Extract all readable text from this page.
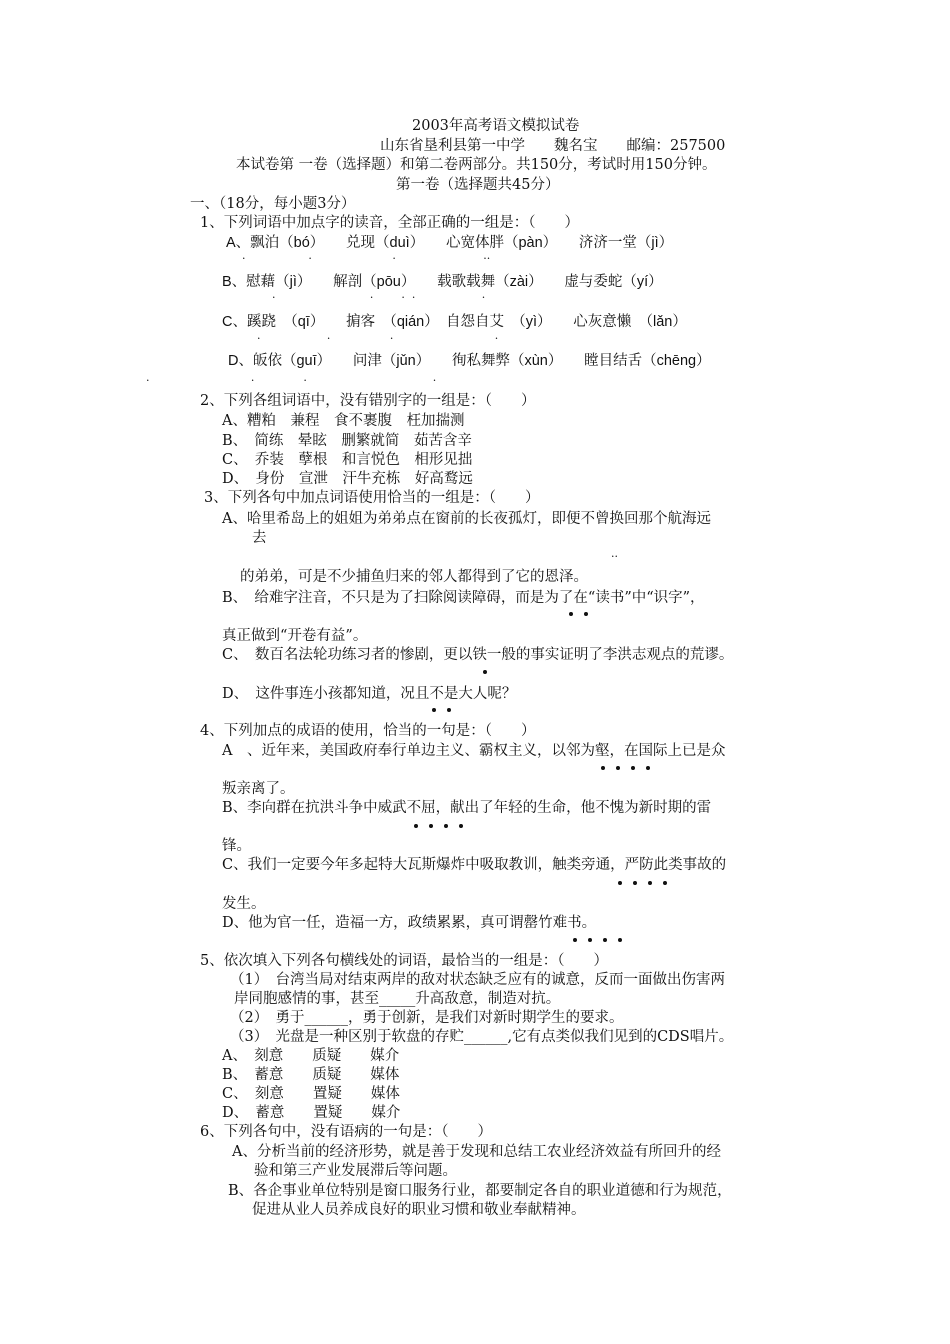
2003年高考语文模拟试卷
山东省垦利县第一中学　　魏名宝　　邮编：257500
本试卷第 一卷（选择题）和第二卷两部分。共150分，考试时用150分钟。
第一卷（选择题共45分）
一、（18分，每小题3分）
1、下列词语中加点字的读音，全部正确的一组是：（　　）
A、飘泊（bó）　　兑现（duì）　　心宽体胖（pàn）　　济济一堂（jì）
·                  ·                       ·                         ··
B、慰藉（jì）　　解剖（pōu）　　载歌载舞（zài）　　虚与委蛇（yí）
·                           ·        ·  ·                   ·
C、蹊跷　（qī）　　掮客　（qián）　自怨自艾　（yì）　　心灰意懒　（lǎn）
·                   ·                 ·                             ·
D、皈依（guī）　　问津（jǔn）　　徇私舞弊（xùn）　　瞠目结舌（chēng）
.                             .              .                                    .
2、下列各组词语中，没有错别字的一组是：（　　）
A、糟粕　兼程　食不裹腹　枉加揣测
B、　简练　晕眩　删繁就简　茹苦含辛
C、　乔装　孽根　和言悦色　相形见拙
D、　身份　宣泄　汗牛充栋　好高鹜远
3、下列各句中加点词语使用恰当的一组是：（　　）
A、哈里希岛上的姐姐为弟弟点在窗前的长夜孤灯，即便不曾换回那个航海远
去
··
的弟弟，可是不少捕鱼归来的邻人都得到了它的恩泽。
B、　给难字注音，不只是为了扫除阅读障碍，而是为了在“读书”中“识字”，
真正做到“开卷有益”。
C、　数百名法轮功练习者的惨剧，更以铁一般的事实证明了李洪志观点的荒谬。
D、　这件事连小孩都知道，况且不是大人呢？
4、下列加点的成语的使用，恰当的一句是：（　　）
A　、近年来，美国政府奉行单边主义、霸权主义，以邻为壑，在国际上已是众
叛亲离了。
B、李向群在抗洪斗争中威武不屈，献出了年轻的生命，他不愧为新时期的雷
锋。
C、我们一定要今年多起特大瓦斯爆炸中吸取教训，触类旁通，严防此类事故的
发生。
D、他为官一任，造福一方，政绩累累，真可谓罄竹难书。
5、依次填入下列各句横线处的词语，最恰当的一组是：（　　）
（1）　台湾当局对结束两岸的敌对状态缺乏应有的诚意，反而一面做出伤害两
岸同胞感情的事，甚至_____升高敌意，制造对抗。
（2）　勇于______，勇于创新，是我们对新时期学生的要求。
（3）　光盘是一种区别于软盘的存贮______,它有点类似我们见到的CDS唱片。
A、　刻意　　质疑　　媒介
B、　蓄意　　质疑　　媒体
C、　刻意　　置疑　　媒体
D、　蓄意　　置疑　　媒介
6、下列各句中，没有语病的一句是：（　　）
A、分析当前的经济形势，就是善于发现和总结工农业经济效益有所回升的经
验和第三产业发展滞后等问题。
B、各企事业单位特别是窗口服务行业，都要制定各自的职业道德和行为规范，
促进从业人员养成良好的职业习惯和敬业奉献精神。
